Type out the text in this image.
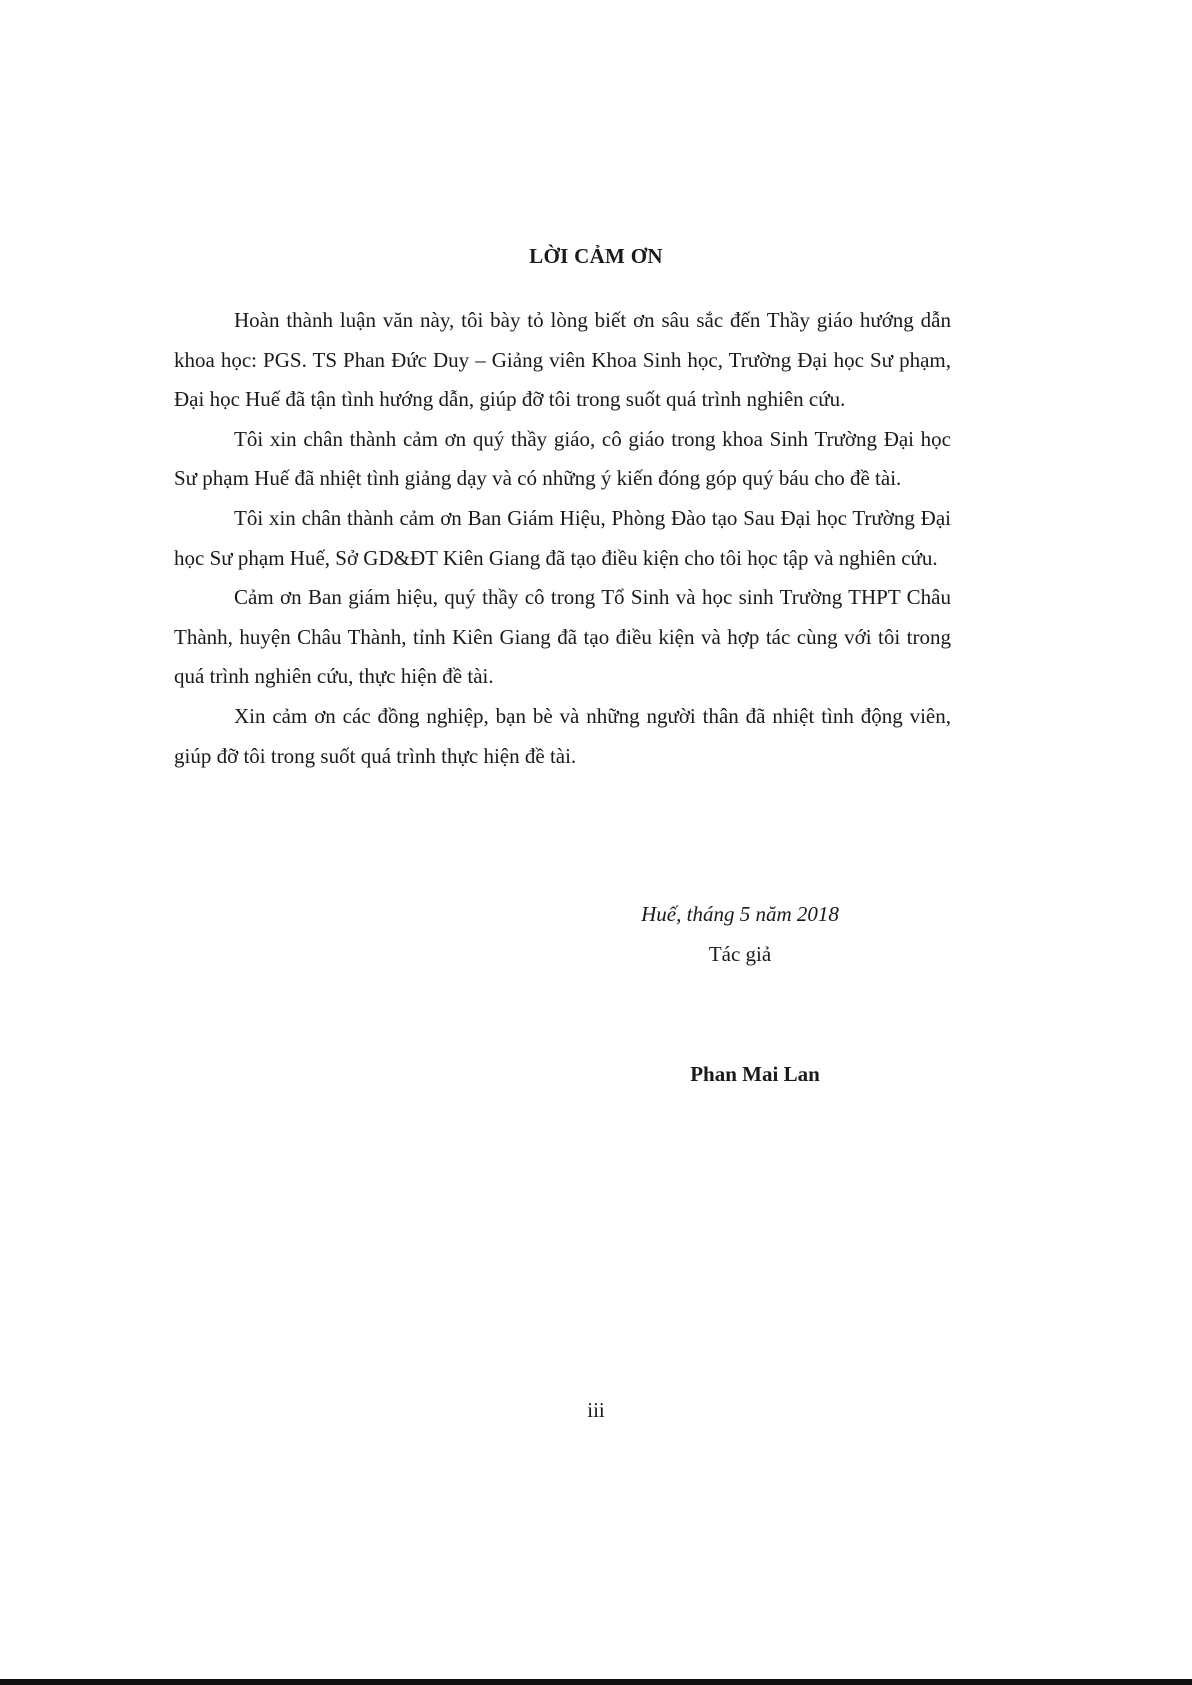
LỜI CẢM ƠN

Hoàn thành luận văn này, tôi bày tỏ lòng biết ơn sâu sắc đến Thầy giáo hướng dẫn khoa học: PGS. TS Phan Đức Duy – Giảng viên Khoa Sinh học, Trường Đại học Sư phạm, Đại học Huế đã tận tình hướng dẫn, giúp đỡ tôi trong suốt quá trình nghiên cứu.

Tôi xin chân thành cảm ơn quý thầy giáo, cô giáo trong khoa Sinh Trường Đại học Sư phạm Huế đã nhiệt tình giảng dạy và có những ý kiến đóng góp quý báu cho đề tài.

Tôi xin chân thành cảm ơn Ban Giám Hiệu, Phòng Đào tạo Sau Đại học Trường Đại học Sư phạm Huế, Sở GD&ĐT Kiên Giang đã tạo điều kiện cho tôi học tập và nghiên cứu.

Cảm ơn Ban giám hiệu, quý thầy cô trong Tổ Sinh và học sinh Trường THPT Châu Thành, huyện Châu Thành, tỉnh Kiên Giang đã tạo điều kiện và hợp tác cùng với tôi trong quá trình nghiên cứu, thực hiện đề tài.

Xin cảm ơn các đồng nghiệp, bạn bè và những người thân đã nhiệt tình động viên, giúp đỡ tôi trong suốt quá trình thực hiện đề tài.

Huế, tháng 5 năm 2018
Tác giả
Phan Mai Lan
iii
